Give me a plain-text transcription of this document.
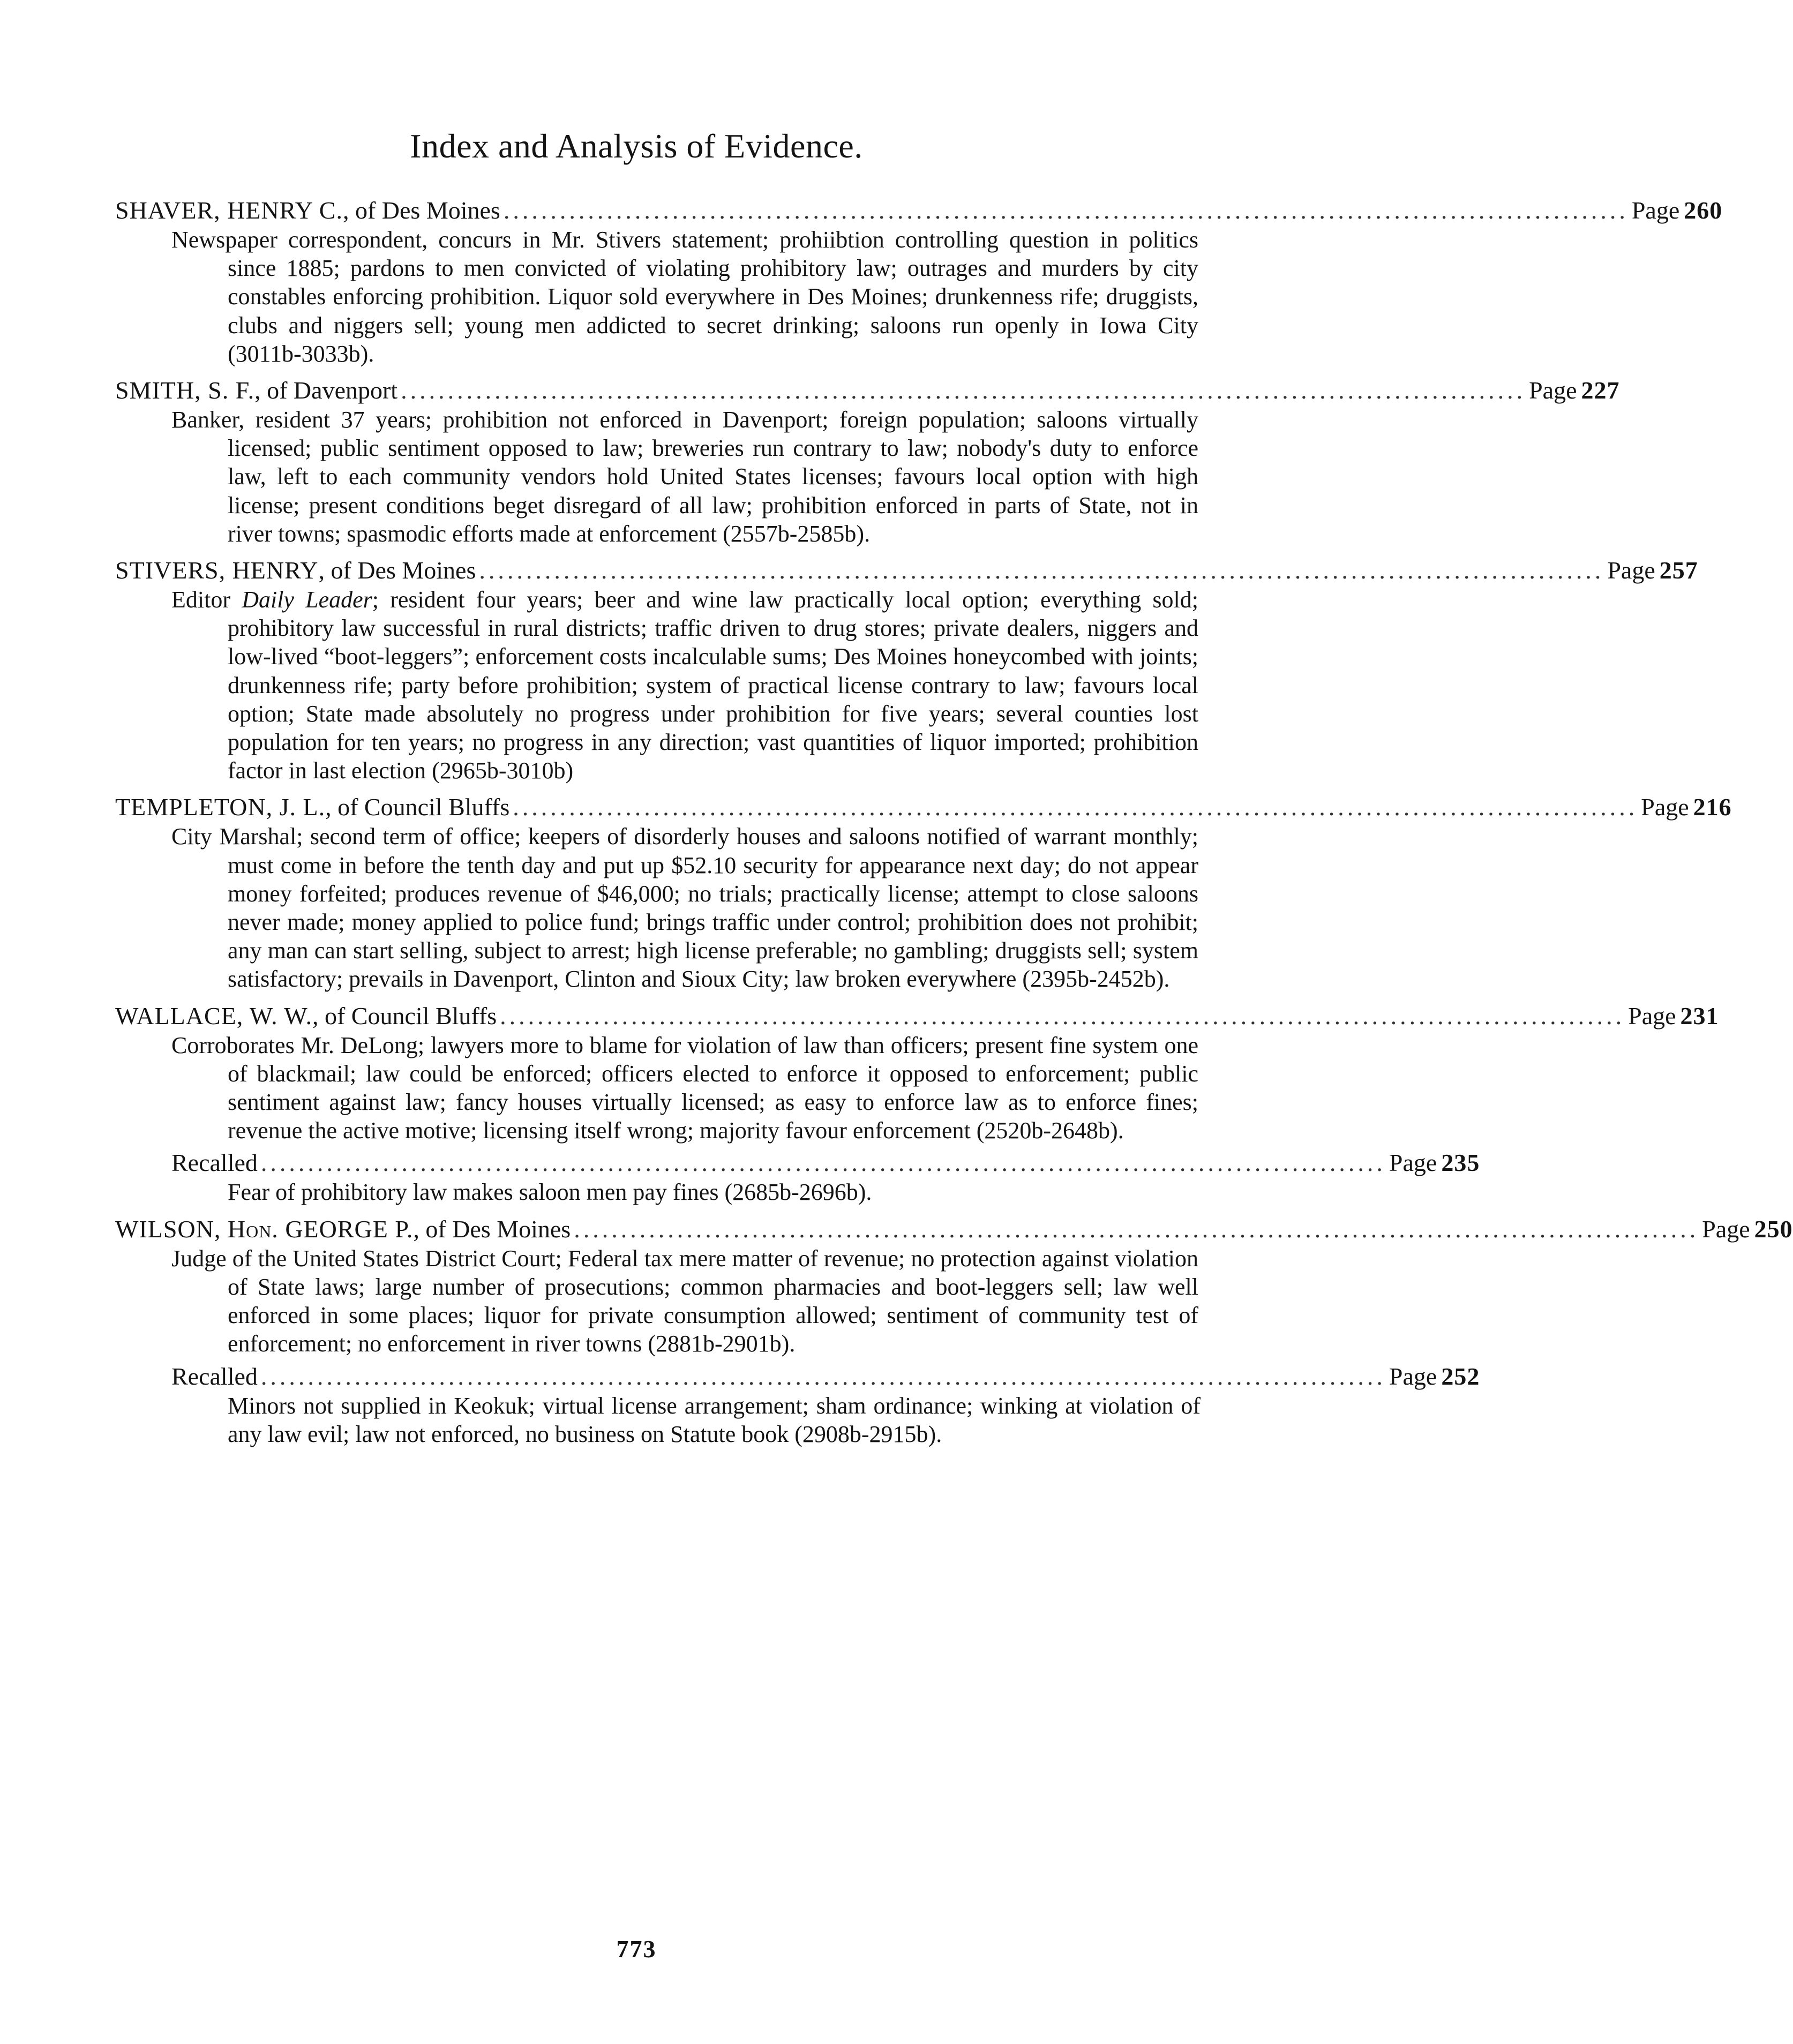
Index and Analysis of Evidence.
SHAVER, HENRY C. , of Des Moines ........................................................................................................................ Page 260
Newspaper correspondent, concurs in Mr. Stivers statement; prohiibtion controlling question in politics since 1885; pardons to men convicted of violating prohibitory law; outrages and murders by city constables enforcing prohibition. Liquor sold everywhere in Des Moines; drunkenness rife; druggists, clubs and niggers sell; young men addicted to secret drinking; saloons run openly in Iowa City (3011b-3033b).
SMITH, S. F. , of Davenport ........................................................................................................................ Page 227
Banker, resident 37 years; prohibition not enforced in Davenport; foreign population; saloons virtually licensed; public sentiment opposed to law; breweries run contrary to law; nobody's duty to enforce law, left to each community vendors hold United States licenses; favours local option with high license; present conditions beget disregard of all law; prohibition enforced in parts of State, not in river towns; spasmodic efforts made at enforcement (2557b-2585b).
STIVERS, HENRY , of Des Moines ........................................................................................................................ Page 257
Editor Daily Leader; resident four years; beer and wine law practically local option; everything sold; prohibitory law successful in rural districts; traffic driven to drug stores; private dealers, niggers and low-lived “boot-leggers”; enforcement costs incalculable sums; Des Moines honeycombed with joints; drunkenness rife; party before prohibition; system of practical license contrary to law; favours local option; State made absolutely no progress under prohibition for five years; several counties lost population for ten years; no progress in any direction; vast quantities of liquor imported; prohibition factor in last election (2965b-3010b)
TEMPLETON, J. L. , of Council Bluffs ........................................................................................................................ Page 216
City Marshal; second term of office; keepers of disorderly houses and saloons notified of warrant monthly; must come in before the tenth day and put up $52.10 security for appearance next day; do not appear money forfeited; produces revenue of $46,000; no trials; practically license; attempt to close saloons never made; money applied to police fund; brings traffic under control; prohibition does not prohibit; any man can start selling, subject to arrest; high license preferable; no gambling; druggists sell; system satisfactory; prevails in Davenport, Clinton and Sioux City; law broken everywhere (2395b-2452b).
WALLACE, W. W. , of Council Bluffs ........................................................................................................................ Page 231
Corroborates Mr. DeLong; lawyers more to blame for violation of law than officers; present fine system one of blackmail; law could be enforced; officers elected to enforce it opposed to enforcement; public sentiment against law; fancy houses virtually licensed; as easy to enforce law as to enforce fines; revenue the active motive; licensing itself wrong; majority favour enforcement (2520b-2648b).
Recalled ........................................................................................................................ Page 235
Fear of prohibitory law makes saloon men pay fines (2685b-2696b).
WILSON, Hon. GEORGE P. , of Des Moines ........................................................................................................................ Page 250
Judge of the United States District Court; Federal tax mere matter of revenue; no protection against violation of State laws; large number of prosecutions; common pharmacies and boot-leggers sell; law well enforced in some places; liquor for private consumption allowed; sentiment of community test of enforcement; no enforcement in river towns (2881b-2901b).
Recalled ........................................................................................................................ Page 252
Minors not supplied in Keokuk; virtual license arrangement; sham ordinance; winking at violation of any law evil; law not enforced, no business on Statute book (2908b-2915b).
773
